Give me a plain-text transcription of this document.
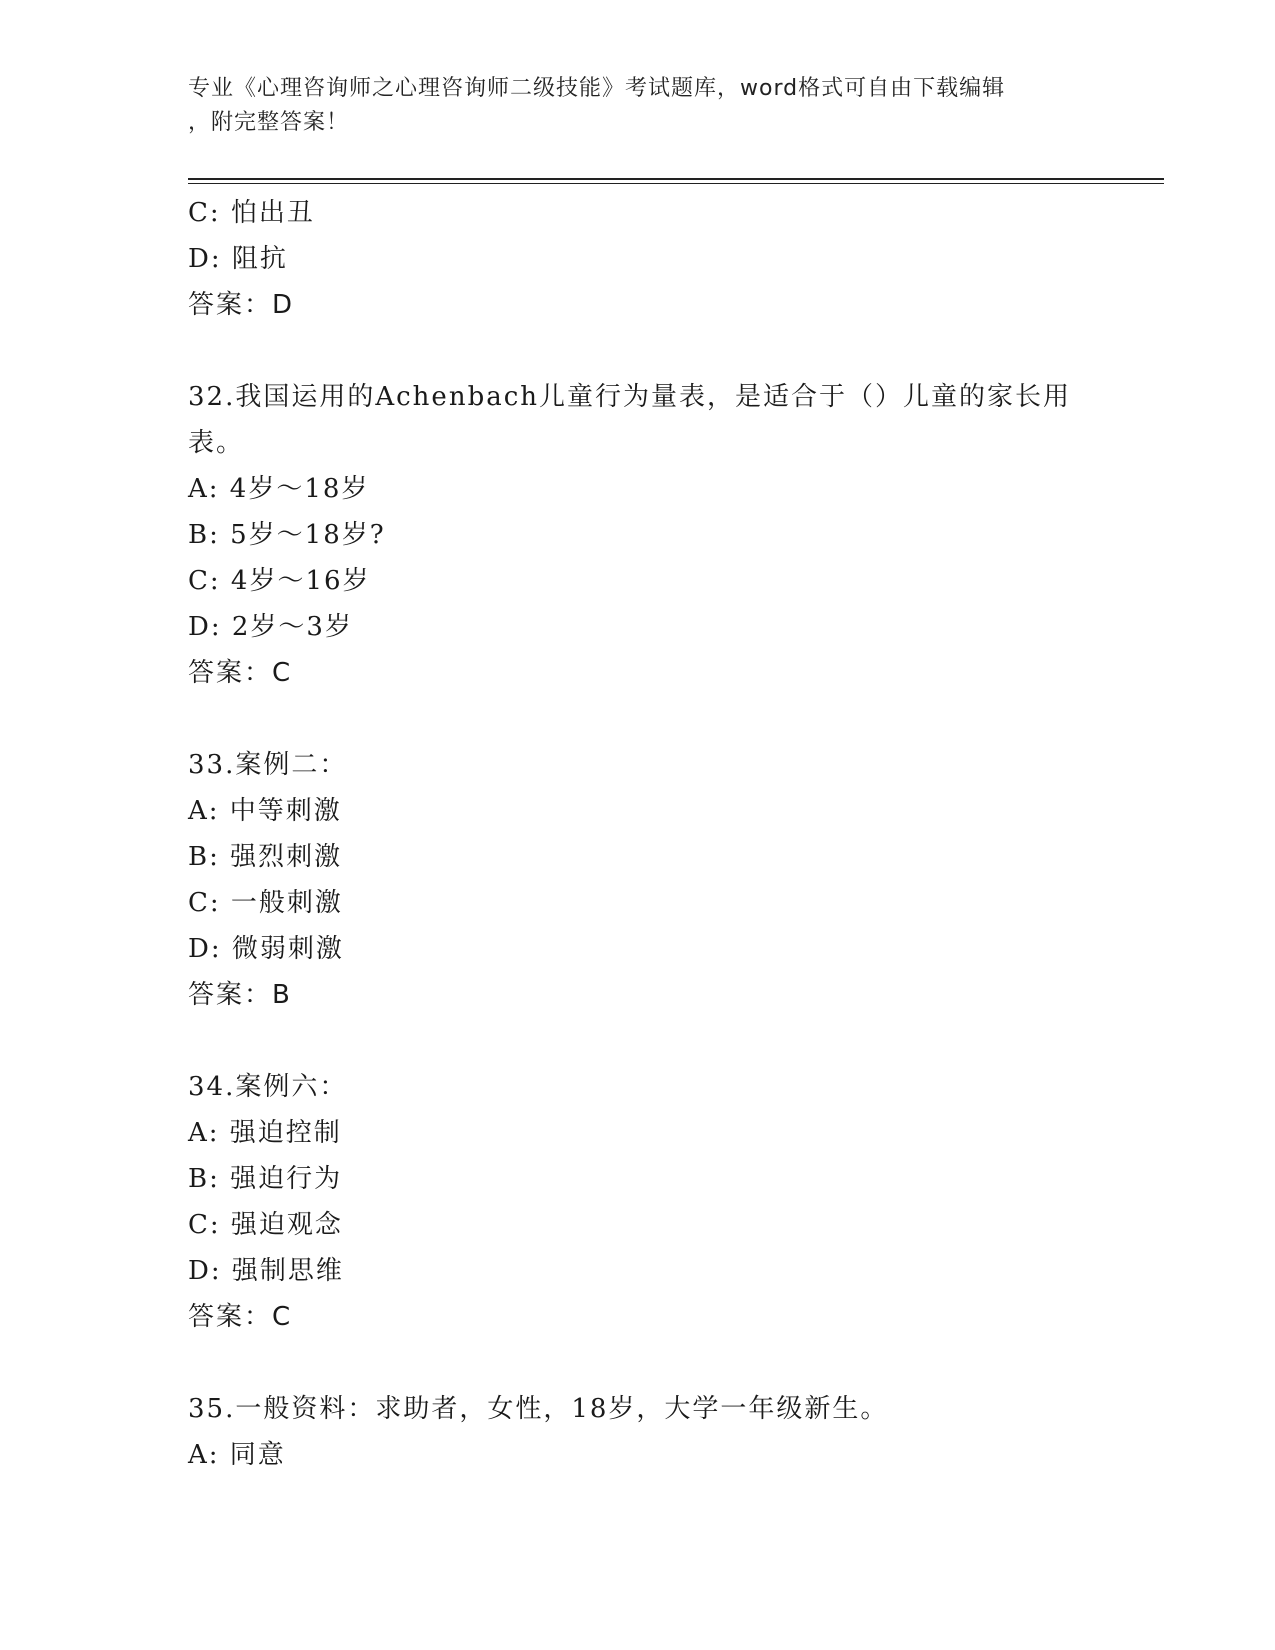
专业《心理咨询师之心理咨询师二级技能》考试题库，word格式可自由下载编辑
，附完整答案！
C: 怕出丑
D: 阻抗
答案：D
32.我国运用的Achenbach儿童行为量表，是适合于（）儿童的家长用
表。
A: 4岁～18岁
B: 5岁～18岁?
C: 4岁～16岁
D: 2岁～3岁
答案：C
33.案例二：
A: 中等刺激
B: 强烈刺激
C: 一般刺激
D: 微弱刺激
答案：B
34.案例六：
A: 强迫控制
B: 强迫行为
C: 强迫观念
D: 强制思维
答案：C
35.一般资料：求助者，女性，18岁，大学一年级新生。
A: 同意
